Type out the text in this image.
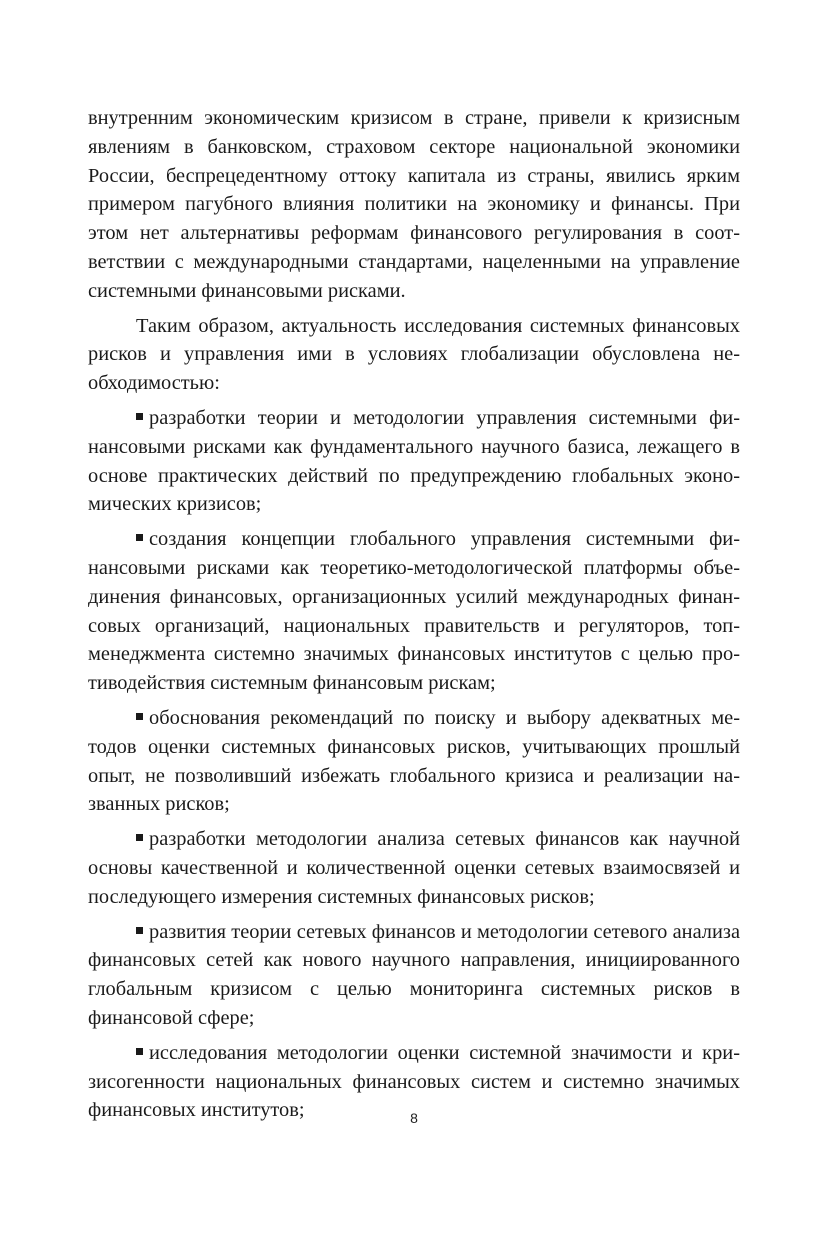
внутренним экономическим кризисом в стране, привели к кризисным явлениям в банковском, страховом секторе национальной экономики России, беспрецедентному оттоку капитала из страны, явились ярким примером пагубного влияния политики на экономику и финансы. При этом нет альтернативы реформам финансового регулирования в соответствии с международными стандартами, нацеленными на управление системными финансовыми рисками.

Таким образом, актуальность исследования системных финансовых рисков и управления ими в условиях глобализации обусловлена необходимостью:

разработки теории и методологии управления системными финансовыми рисками как фундаментального научного базиса, лежащего в основе практических действий по предупреждению глобальных экономических кризисов;

создания концепции глобального управления системными финансовыми рисками как теоретико-методологической платформы объединения финансовых, организационных усилий международных финансовых организаций, национальных правительств и регуляторов, топ-менеджмента системно значимых финансовых институтов с целью противодействия системным финансовым рискам;

обоснования рекомендаций по поиску и выбору адекватных методов оценки системных финансовых рисков, учитывающих прошлый опыт, не позволивший избежать глобального кризиса и реализации названных рисков;

разработки методологии анализа сетевых финансов как научной основы качественной и количественной оценки сетевых взаимосвязей и последующего измерения системных финансовых рисков;

развития теории сетевых финансов и методологии сетевого анализа финансовых сетей как нового научного направления, инициированного глобальным кризисом с целью мониторинга системных рисков в финансовой сфере;

исследования методологии оценки системной значимости и кризисогенности национальных финансовых систем и системно значимых финансовых институтов;	8
